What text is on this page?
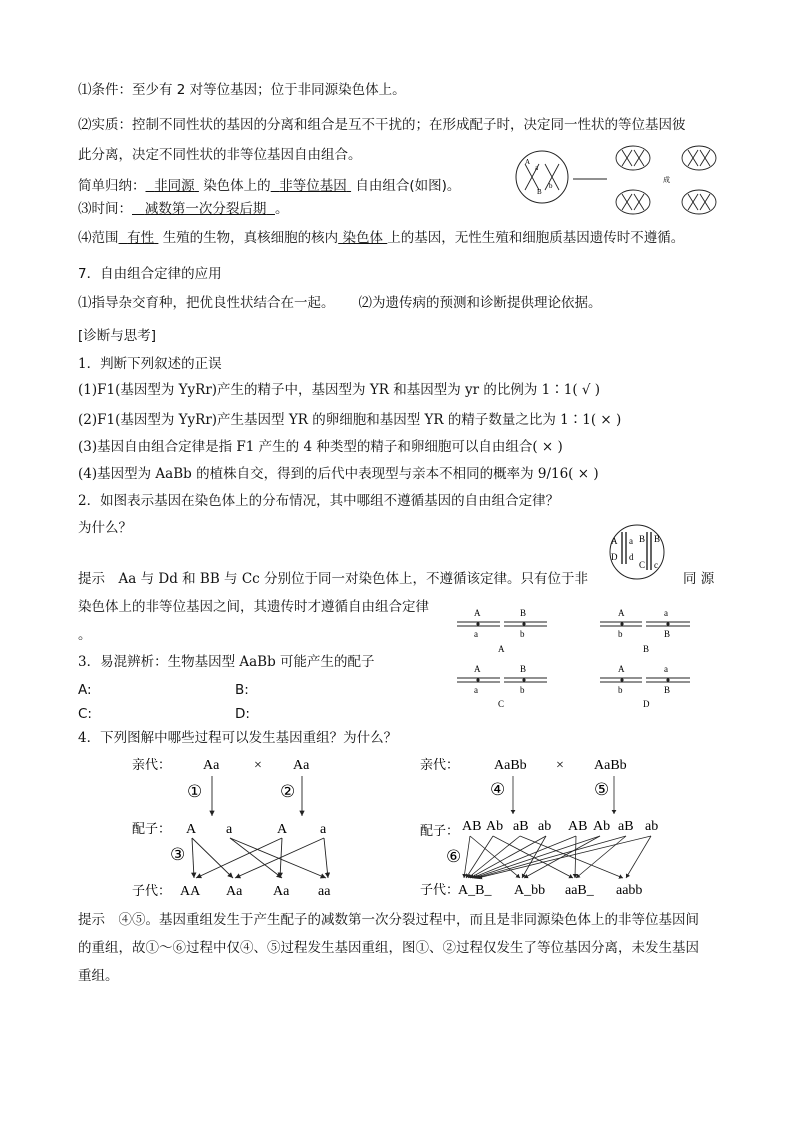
⑴条件：至少有 2 对等位基因；位于非同源染色体上。
⑵实质：控制不同性状的基因的分离和组合是互不干扰的；在形成配子时，决定同一性状的等位基因彼
此分离，决定不同性状的非等位基因自由组合。
简单归纳： 非同源 染色体上的 非等位基因 自由组合(如图)。
⑶时间： 减数第一次分裂后期 。
⑷范围 有性 生殖的生物，真核细胞的核内 染色体 上的基因，无性生殖和细胞质基因遗传时不遵循。
7．自由组合定律的应用
⑴指导杂交育种，把优良性状结合在一起。 ⑵为遗传病的预测和诊断提供理论依据。
[诊断与思考]
1．判断下列叙述的正误
(1)F1(基因型为 YyRr)产生的精子中，基因型为 YR 和基因型为 yr 的比例为 1∶1( √ )
(2)F1(基因型为 YyRr)产生基因型 YR 的卵细胞和基因型 YR 的精子数量之比为 1∶1( × )
(3)基因自由组合定律是指 F1 产生的 4 种类型的精子和卵细胞可以自由组合( × )
(4)基因型为 AaBb 的植株自交，得到的后代中表现型与亲本不相同的概率为 9/16( × )
2．如图表示基因在染色体上的分布情况，其中哪组不遵循基因的自由组合定律？
为什么？
提示　Aa 与 Dd 和 BB 与 Cc 分别位于同一对染色体上，不遵循该定律。只有位于非	同 源
染色体上的非等位基因之间，其遗传时才遵循自由组合定律
。
3．易混辨析：生物基因型 AaBb 可能产生的配子
A:	B:
C:	D:
4．下列图解中哪些过程可以发生基因重组？为什么？
提示　④⑤。基因重组发生于产生配子的减数第一次分裂过程中，而且是非同源染色体上的非等位基因间
的重组，故①～⑥过程中仅④、⑤过程发生基因重组，图①、②过程仅发生了等位基因分离，未发生基因
重组。
A
a
B
b
成
A a
D d
B B
C c
A	B
a	b
A
A	a
b	B
B
A	B
a	b
C
A	a
b	B
D
亲代： Aa × Aa
①	②
③
配子： A a	A a
子代： AA Aa Aa aa
亲代： AaBb × AaBb
④	⑤
⑥
配子： AB Ab aB ab AB Ab aB ab
子代：
A_B_ A_bb aaB_ aabb
